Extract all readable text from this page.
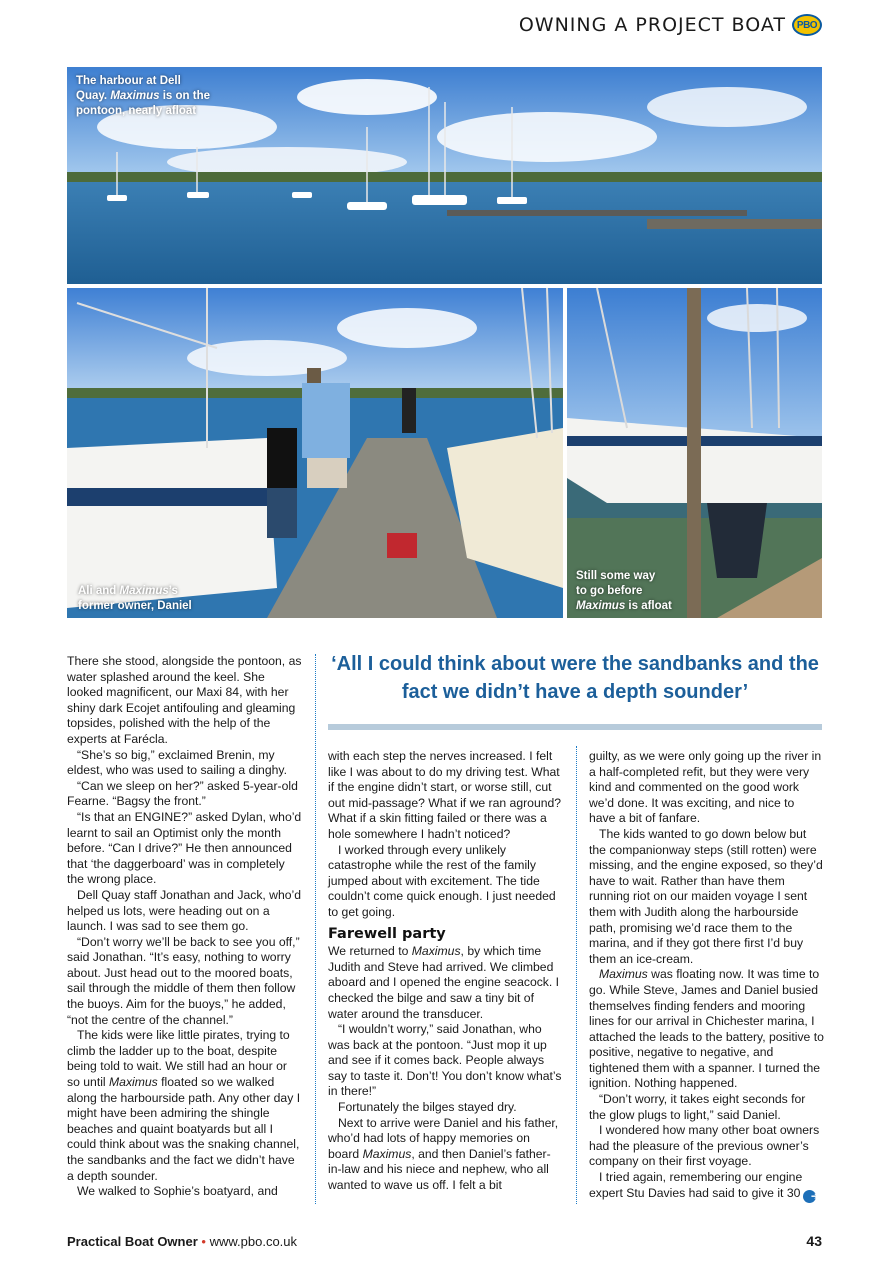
OWNING A PROJECT BOAT PBO
The harbour at Dell
Quay. Maximus is on the
pontoon, nearly afloat
Ali and Maximus’s
former owner, Daniel
Still some way
to go before
Maximus is afloat

There she stood, alongside the pontoon, as water splashed around the keel. She looked magnificent, our Maxi 84, with her shiny dark Ecojet antifouling and gleaming topsides, polished with the help of the experts at Farécla.

“She’s so big,” exclaimed Brenin, my eldest, who was used to sailing a dinghy.

“Can we sleep on her?” asked 5-year-old Fearne. “Bagsy the front.”

“Is that an ENGINE?” asked Dylan, who’d learnt to sail an Optimist only the month before. “Can I drive?” He then announced that ‘the daggerboard’ was in completely the wrong place.

Dell Quay staff Jonathan and Jack, who’d helped us lots, were heading out on a launch. I was sad to see them go.

“Don’t worry we’ll be back to see you off,” said Jonathan. “It’s easy, nothing to worry about. Just head out to the moored boats, sail through the middle of them then follow the buoys. Aim for the buoys,” he added, “not the centre of the channel.”

The kids were like little pirates, trying to climb the ladder up to the boat, despite being told to wait. We still had an hour or so until Maximus floated so we walked along the harbourside path. Any other day I might have been admiring the shingle beaches and quaint boatyards but all I could think about was the snaking channel, the sandbanks and the fact we didn’t have a depth sounder.

We walked to Sophie’s boatyard, and

‘All I could think about were the sandbanks and the fact we didn’t have a depth sounder’

with each step the nerves increased. I felt like I was about to do my driving test. What if the engine didn’t start, or worse still, cut out mid-passage? What if we ran aground? What if a skin fitting failed or there was a hole somewhere I hadn’t noticed?

I worked through every unlikely catastrophe while the rest of the family jumped about with excitement. The tide couldn’t come quick enough. I just needed to get going.

Farewell party

We returned to Maximus, by which time Judith and Steve had arrived. We climbed aboard and I opened the engine seacock. I checked the bilge and saw a tiny bit of water around the transducer.

“I wouldn’t worry,” said Jonathan, who was back at the pontoon. “Just mop it up and see if it comes back. People always say to taste it. Don’t! You don’t know what’s in there!”

Fortunately the bilges stayed dry.

Next to arrive were Daniel and his father, who’d had lots of happy memories on board Maximus, and then Daniel’s father-in-law and his niece and nephew, who all wanted to wave us off. I felt a bit

guilty, as we were only going up the river in a half-completed refit, but they were very kind and commented on the good work we’d done. It was exciting, and nice to have a bit of fanfare.

The kids wanted to go down below but the companionway steps (still rotten) were missing, and the engine exposed, so they’d have to wait. Rather than have them running riot on our maiden voyage I sent them with Judith along the harbourside path, promising we’d race them to the marina, and if they got there first I’d buy them an ice-cream.

Maximus was floating now. It was time to go. While Steve, James and Daniel busied themselves finding fenders and mooring lines for our arrival in Chichester marina, I attached the leads to the battery, positive to positive, negative to negative, and tightened them with a spanner. I turned the ignition. Nothing happened.

“Don’t worry, it takes eight seconds for the glow plugs to light,” said Daniel.

I wondered how many other boat owners had the pleasure of the previous owner’s company on their first voyage.

I tried again, remembering our engine expert Stu Davies had said to give it 30 ➔

Practical Boat Owner • www.pbo.co.uk	43
